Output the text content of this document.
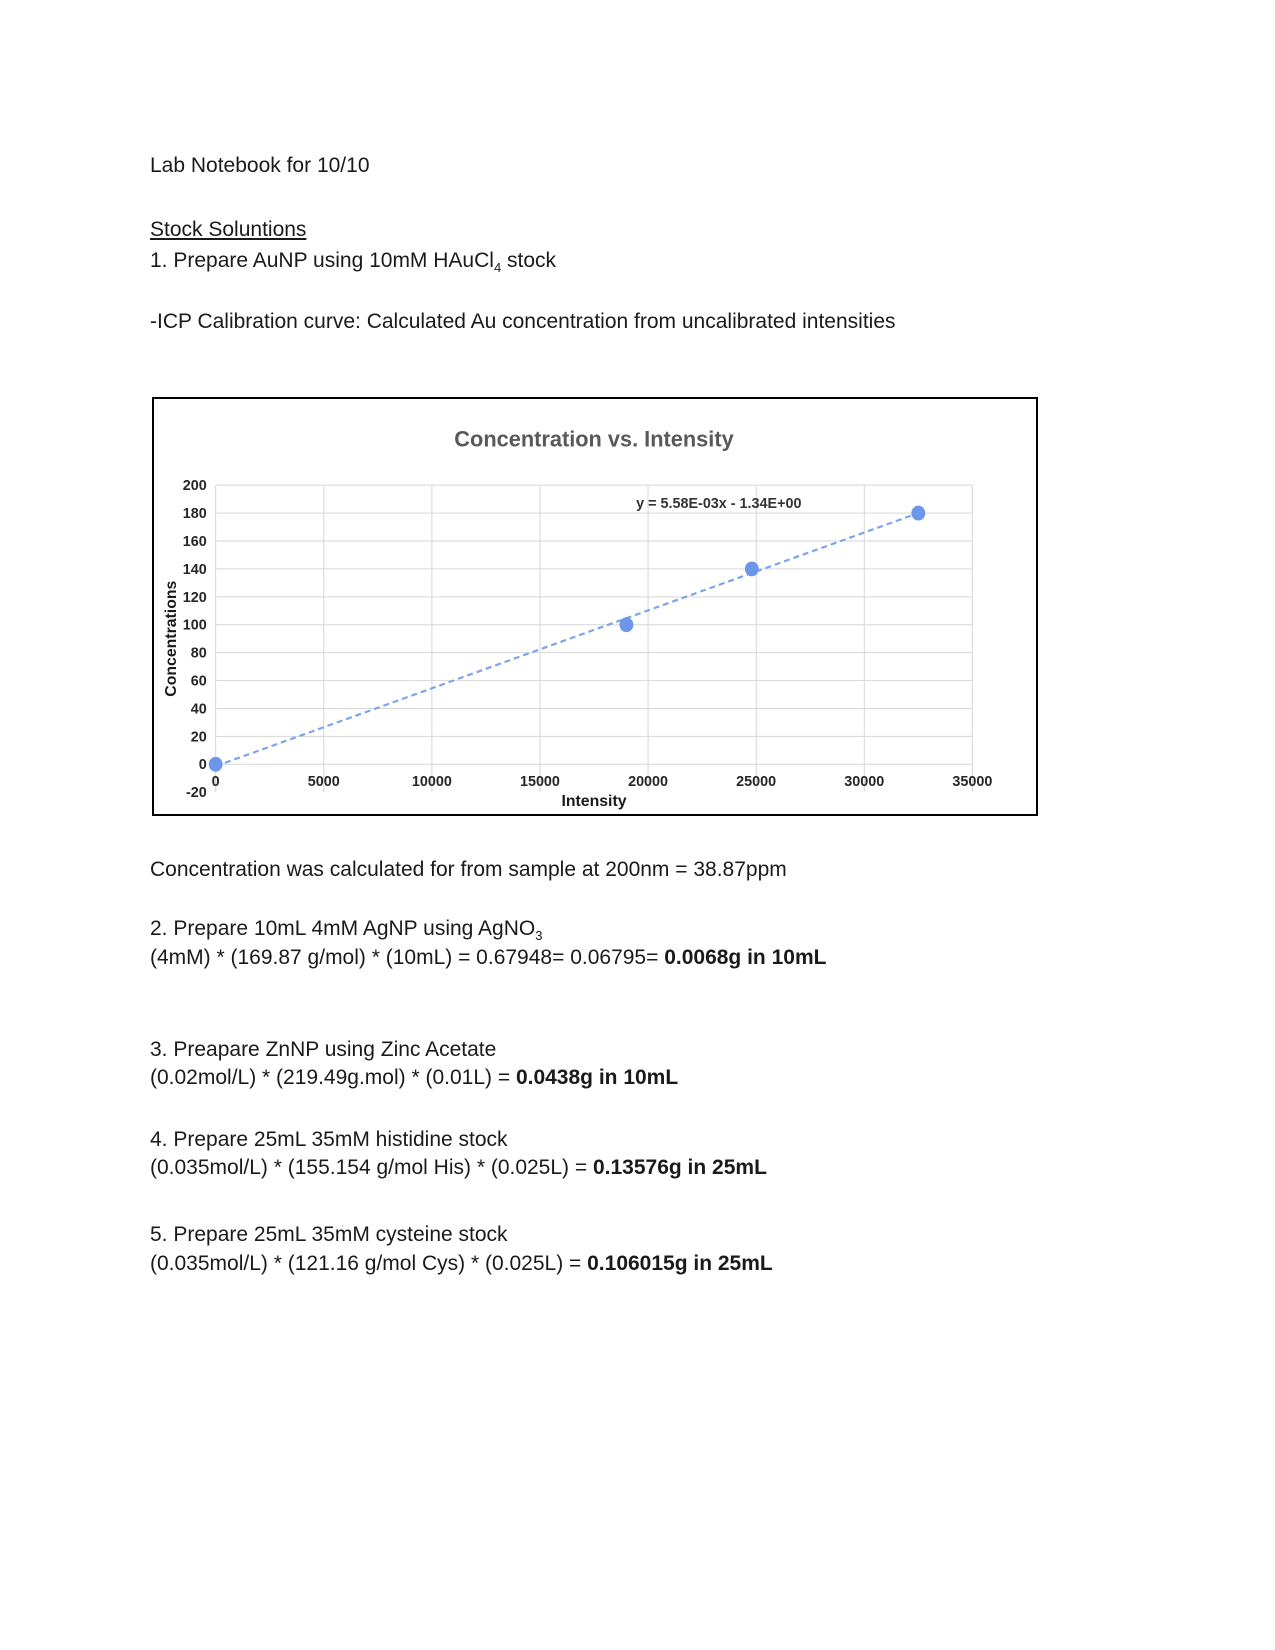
Lab Notebook for 10/10

Stock Soluntions

1. Prepare AuNP using 10mM HAuCl$_4$ stock

-ICP Calibration curve: Calculated Au concentration from uncalibrated intensities

Concentration vs. Intensity
y = 5.58E-03x - 1.34E+00
-20
0
20
40
60
80
100
120
140
160
180
200
0	5000	10000	15000	20000	25000	30000	35000
Intensity
Concentrations

Concentration was calculated for from sample at 200nm = 38.87ppm

2. Prepare 10mL 4mM AgNP using AgNO$_3$

(4mM) * (169.87 g/mol) * (10mL) = 0.67948= 0.06795= 0.0068g in 10mL

3. Preapare ZnNP using Zinc Acetate

(0.02mol/L) * (219.49g.mol) * (0.01L) = 0.0438g in 10mL

4. Prepare 25mL 35mM histidine stock

(0.035mol/L) * (155.154 g/mol His) * (0.025L) = 0.13576g in 25mL

5. Prepare 25mL 35mM cysteine stock

(0.035mol/L) * (121.16 g/mol Cys) * (0.025L) = 0.106015g in 25mL
